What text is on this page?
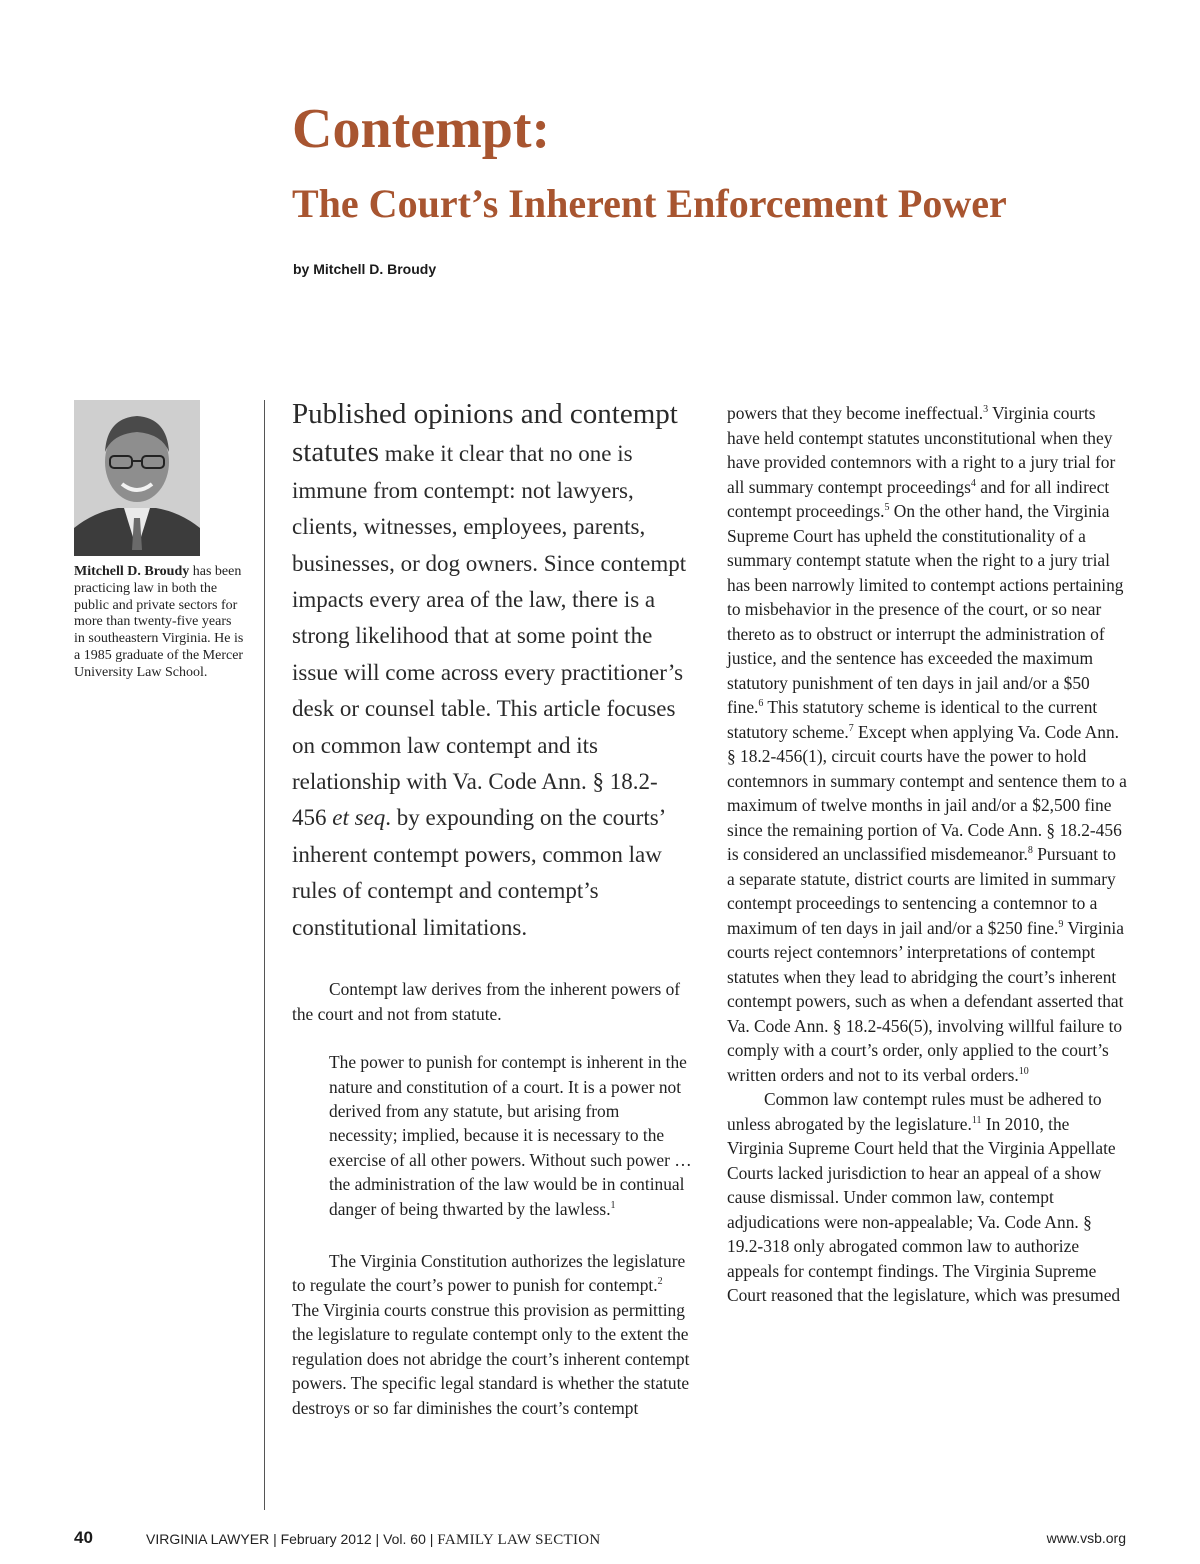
Contempt:
The Court’s Inherent Enforcement Power
by Mitchell D. Broudy
Mitchell D. Broudy has been practicing law in both the public and private sectors for more than twenty-five years in southeastern Virginia. He is a 1985 graduate of the Mercer University Law School.

Published opinions and contempt statutes make it clear that no one is immune from contempt: not lawyers, clients, witnesses, employees, parents, businesses, or dog owners. Since contempt impacts every area of the law, there is a strong likelihood that at some point the issue will come across every practitioner’s desk or counsel table. This article focuses on common law contempt and its relationship with Va. Code Ann. § 18.2-456 et seq. by expounding on the courts’ inherent contempt powers, common law rules of contempt and contempt’s constitutional limitations.

Contempt law derives from the inherent powers of the court and not from statute.

The power to punish for contempt is inherent in the nature and constitution of a court. It is a power not derived from any statute, but arising from necessity; implied, because it is necessary to the exercise of all other powers. Without such power … the administration of the law would be in continual danger of being thwarted by the lawless.$^1$

The Virginia Constitution authorizes the legislature to regulate the court’s power to punish for contempt.$^2$ The Virginia courts construe this provision as permitting the legislature to regulate contempt only to the extent the regulation does not abridge the court’s inherent contempt powers. The specific legal standard is whether the statute destroys or so far diminishes the court’s contempt

powers that they become ineffectual.$^3$ Virginia courts have held contempt statutes unconstitutional when they have provided contemnors with a right to a jury trial for all summary contempt proceedings$^4$ and for all indirect contempt proceedings.$^5$ On the other hand, the Virginia Supreme Court has upheld the constitutionality of a summary contempt statute when the right to a jury trial has been narrowly limited to contempt actions pertaining to misbehavior in the presence of the court, or so near thereto as to obstruct or interrupt the administration of justice, and the sentence has exceeded the maximum statutory punishment of ten days in jail and/or a $50 fine.$^6$ This statutory scheme is identical to the current statutory scheme.$^7$ Except when applying Va. Code Ann. § 18.2-456(1), circuit courts have the power to hold contemnors in summary contempt and sentence them to a maximum of twelve months in jail and/or a $2,500 fine since the remaining portion of Va. Code Ann. § 18.2-456 is considered an unclassified misdemeanor.$^8$ Pursuant to a separate statute, district courts are limited in summary contempt proceedings to sentencing a contemnor to a maximum of ten days in jail and/or a $250 fine.$^9$ Virginia courts reject contemnors’ interpretations of contempt statutes when they lead to abridging the court’s inherent contempt powers, such as when a defendant asserted that Va. Code Ann. § 18.2-456(5), involving willful failure to comply with a court’s order, only applied to the court’s written orders and not to its verbal orders.$^{10}$

Common law contempt rules must be adhered to unless abrogated by the legislature.$^{11}$ In 2010, the Virginia Supreme Court held that the Virginia Appellate Courts lacked jurisdiction to hear an appeal of a show cause dismissal. Under common law, contempt adjudications were non-appealable; Va. Code Ann. § 19.2-318 only abrogated common law to authorize appeals for contempt findings. The Virginia Supreme Court reasoned that the legislature, which was presumed

40	VIRGINIA LAWYER | February 2012 | Vol. 60 | FAMILY LAW SECTION	www.vsb.org
